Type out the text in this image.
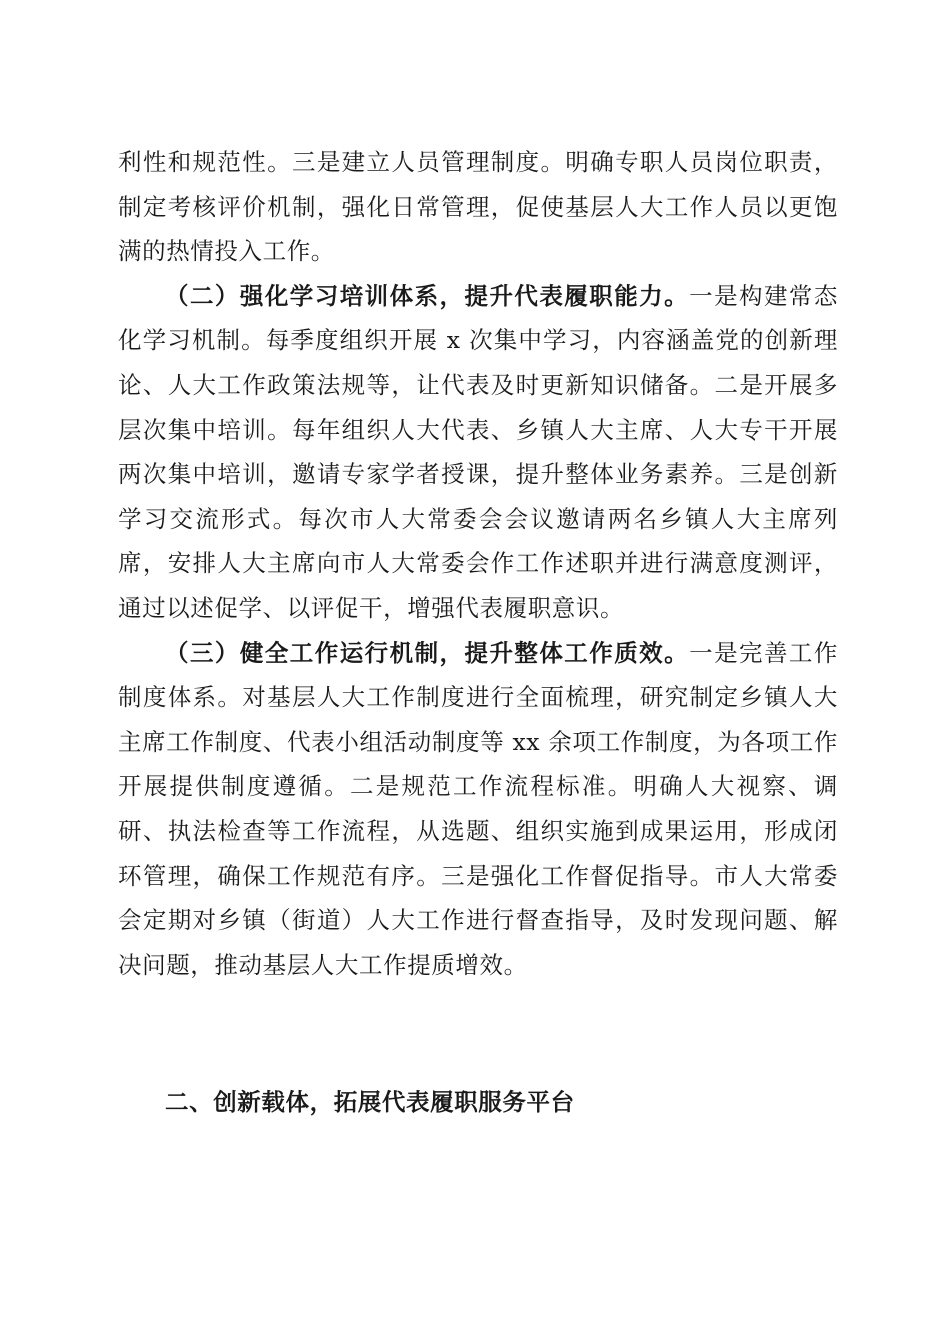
利性和规范性。三是建立人员管理制度。明确专职人员岗位职责，制定考核评价机制，强化日常管理，促使基层人大工作人员以更饱满的热情投入工作。

（二）强化学习培训体系，提升代表履职能力。一是构建常态化学习机制。每季度组织开展 x 次集中学习，内容涵盖党的创新理论、人大工作政策法规等，让代表及时更新知识储备。二是开展多层次集中培训。每年组织人大代表、乡镇人大主席、人大专干开展两次集中培训，邀请专家学者授课，提升整体业务素养。三是创新学习交流形式。每次市人大常委会会议邀请两名乡镇人大主席列席，安排人大主席向市人大常委会作工作述职并进行满意度测评，通过以述促学、以评促干，增强代表履职意识。

（三）健全工作运行机制，提升整体工作质效。一是完善工作制度体系。对基层人大工作制度进行全面梳理，研究制定乡镇人大主席工作制度、代表小组活动制度等 xx 余项工作制度，为各项工作开展提供制度遵循。二是规范工作流程标准。明确人大视察、调研、执法检查等工作流程，从选题、组织实施到成果运用，形成闭环管理，确保工作规范有序。三是强化工作督促指导。市人大常委会定期对乡镇（街道）人大工作进行督查指导，及时发现问题、解决问题，推动基层人大工作提质增效。

二、创新载体，拓展代表履职服务平台
